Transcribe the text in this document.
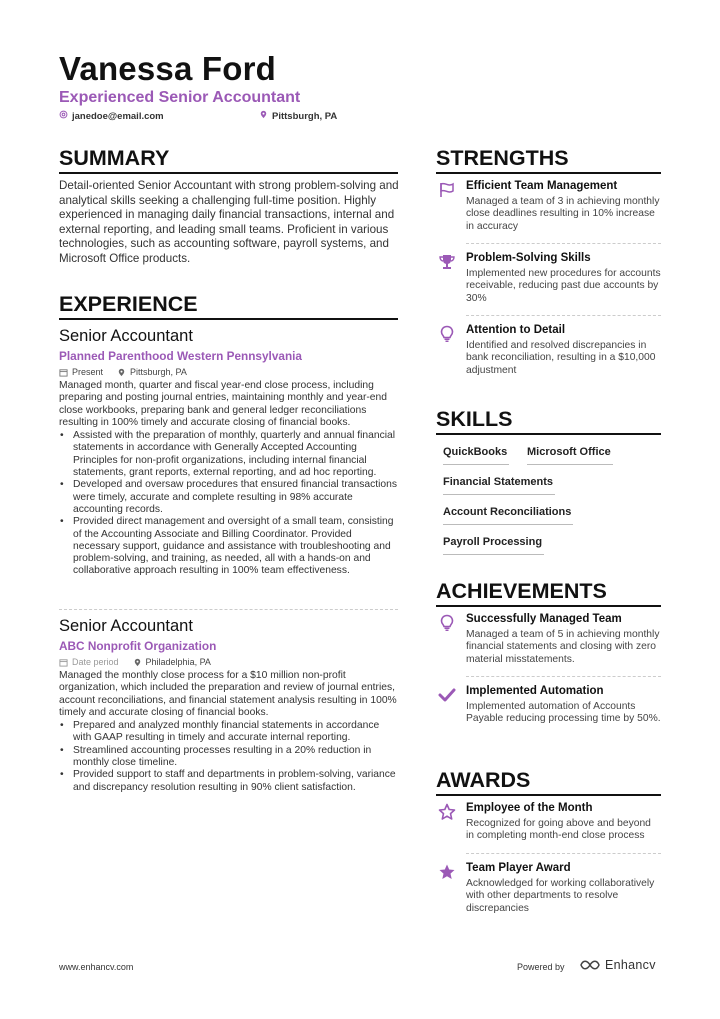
Vanessa Ford
Experienced Senior Accountant
janedoe@email.com	Pittsburgh, PA
SUMMARY
Detail-oriented Senior Accountant with strong problem-solving and analytical skills seeking a challenging full-time position. Highly experienced in managing daily financial transactions, internal and external reporting, and leading small teams. Proficient in various technologies, such as accounting software, payroll systems, and Microsoft Office products.
EXPERIENCE
Senior Accountant
Planned Parenthood Western Pennsylvania
Present	Pittsburgh, PA
Managed month, quarter and fiscal year-end close process, including preparing and posting journal entries, maintaining monthly and year-end close workbooks, preparing bank and general ledger reconciliations resulting in 100% timely and accurate closing of financial books.
• Assisted with the preparation of monthly, quarterly and annual financial statements in accordance with Generally Accepted Accounting Principles for non-profit organizations, including internal financial statements, grant reports, external reporting, and ad hoc reporting.
• Developed and oversaw procedures that ensured financial transactions were timely, accurate and complete resulting in 98% accurate accounting records.
• Provided direct management and oversight of a small team, consisting of the Accounting Associate and Billing Coordinator. Provided necessary support, guidance and assistance with troubleshooting and problem-solving, and training, as needed, all with a hands-on and collaborative approach resulting in 100% team effectiveness.
Senior Accountant
ABC Nonprofit Organization
Date period	Philadelphia, PA
Managed the monthly close process for a $10 million non-profit organization, which included the preparation and review of journal entries, account reconciliations, and financial statement analysis resulting in 100% timely and accurate closing of financial books.
• Prepared and analyzed monthly financial statements in accordance with GAAP resulting in timely and accurate internal reporting.
• Streamlined accounting processes resulting in a 20% reduction in monthly close timeline.
• Provided support to staff and departments in problem-solving, variance and discrepancy resolution resulting in 90% client satisfaction.
STRENGTHS
Efficient Team Management
Managed a team of 3 in achieving monthly close deadlines resulting in 10% increase in accuracy
Problem-Solving Skills
Implemented new procedures for accounts receivable, reducing past due accounts by 30%
Attention to Detail
Identified and resolved discrepancies in bank reconciliation, resulting in a $10,000 adjustment
SKILLS
QuickBooks Microsoft Office
Financial Statements
Account Reconciliations
Payroll Processing
ACHIEVEMENTS
Successfully Managed Team
Managed a team of 5 in achieving monthly financial statements and closing with zero material misstatements.
Implemented Automation
Implemented automation of Accounts Payable reducing processing time by 50%.
AWARDS
Employee of the Month
Recognized for going above and beyond in completing month-end close process
Team Player Award
Acknowledged for working collaboratively with other departments to resolve discrepancies
www.enhancv.com	Powered by	Enhancv
